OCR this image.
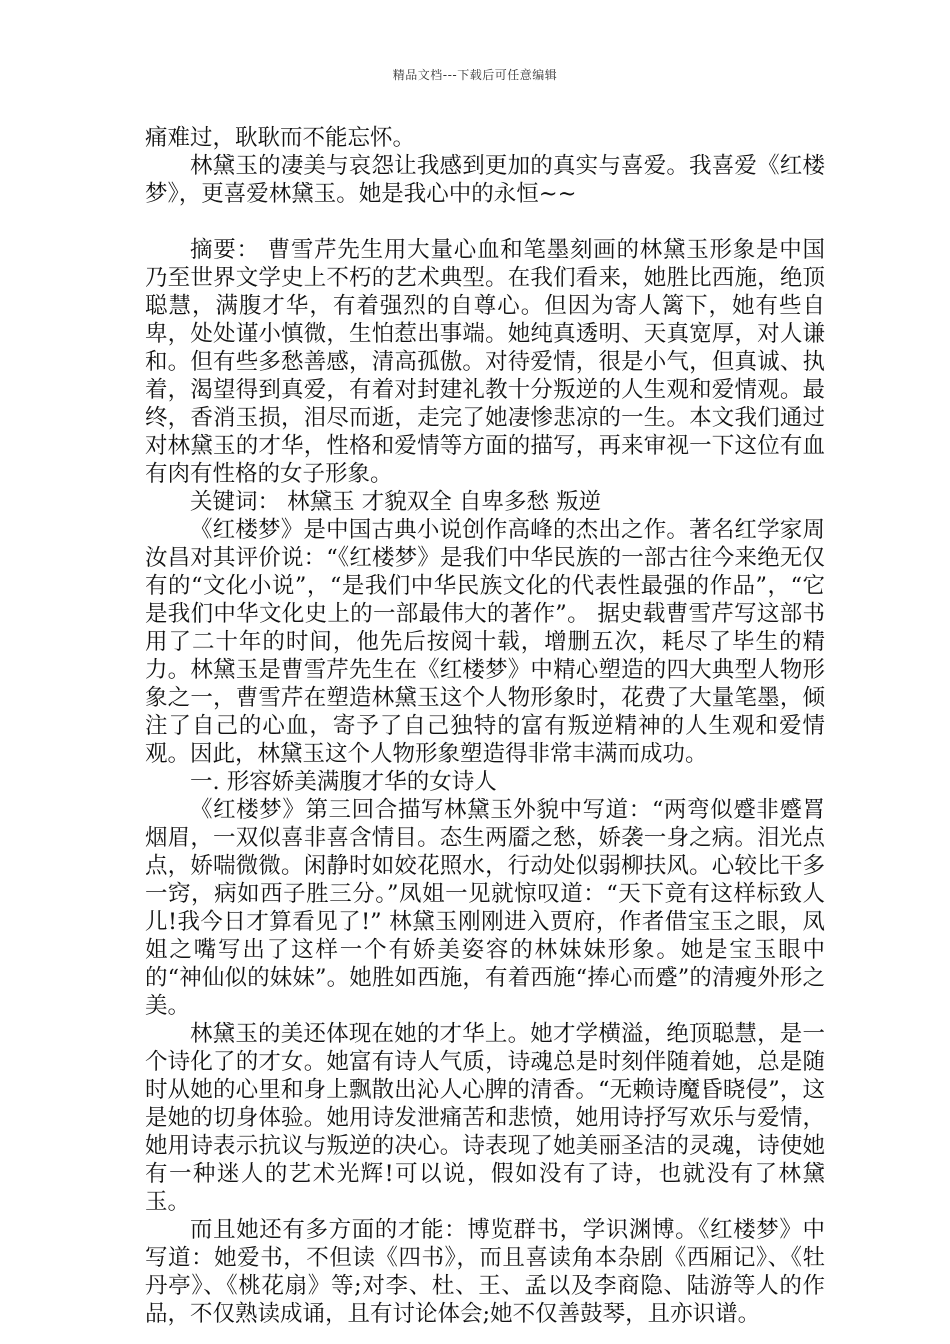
精品文档---下载后可任意编辑

痛难过，耿耿而不能忘怀。

林黛玉的凄美与哀怨让我感到更加的真实与喜爱。我喜爱《红楼梦》，更喜爱林黛玉。她是我心中的永恒~~

摘要： 曹雪芹先生用大量心血和笔墨刻画的林黛玉形象是中国乃至世界文学史上不朽的艺术典型。在我们看来，她胜比西施，绝顶聪慧，满腹才华，有着强烈的自尊心。但因为寄人篱下，她有些自卑，处处谨小慎微，生怕惹出事端。她纯真透明、天真宽厚，对人谦和。但有些多愁善感，清高孤傲。对待爱情，很是小气，但真诚、执着，渴望得到真爱，有着对封建礼教十分叛逆的人生观和爱情观。最终，香消玉损，泪尽而逝，走完了她凄惨悲凉的一生。本文我们通过对林黛玉的才华，性格和爱情等方面的描写，再来审视一下这位有血有肉有性格的女子形象。

关键词： 林黛玉 才貌双全 自卑多愁 叛逆

《红楼梦》是中国古典小说创作高峰的杰出之作。著名红学家周汝昌对其评价说：“《红楼梦》是我们中华民族的一部古往今来绝无仅有的“文化小说”，“是我们中华民族文化的代表性最强的作品”，“它是我们中华文化史上的一部最伟大的著作”。 据史载曹雪芹写这部书用了二十年的时间，他先后按阅十载，增删五次，耗尽了毕生的精力。林黛玉是曹雪芹先生在《红楼梦》中精心塑造的四大典型人物形象之一，曹雪芹在塑造林黛玉这个人物形象时，花费了大量笔墨，倾注了自己的心血，寄予了自己独特的富有叛逆精神的人生观和爱情观。因此，林黛玉这个人物形象塑造得非常丰满而成功。

一. 形容娇美满腹才华的女诗人

《红楼梦》第三回合描写林黛玉外貌中写道：“两弯似蹙非蹙罥烟眉，一双似喜非喜含情目。态生两靥之愁，娇袭一身之病。泪光点点，娇喘微微。闲静时如姣花照水，行动处似弱柳扶风。心较比干多一窍，病如西子胜三分。”凤姐一见就惊叹道：“天下竟有这样标致人儿!我今日才算看见了!” 林黛玉刚刚进入贾府，作者借宝玉之眼，凤姐之嘴写出了这样一个有娇美姿容的林妹妹形象。她是宝玉眼中的“神仙似的妹妹”。她胜如西施，有着西施“捧心而蹙”的清瘦外形之美。

林黛玉的美还体现在她的才华上。她才学横溢，绝顶聪慧，是一个诗化了的才女。她富有诗人气质，诗魂总是时刻伴随着她，总是随时从她的心里和身上飘散出沁人心脾的清香。“无赖诗魔昏晓侵”，这是她的切身体验。她用诗发泄痛苦和悲愤，她用诗抒写欢乐与爱情，她用诗表示抗议与叛逆的决心。诗表现了她美丽圣洁的灵魂，诗使她有一种迷人的艺术光辉!可以说，假如没有了诗，也就没有了林黛玉。

而且她还有多方面的才能：博览群书，学识渊博。《红楼梦》中写道：她爱书，不但读《四书》，而且喜读角本杂剧《西厢记》、《牡丹亭》、《桃花扇》等;对李、杜、王、孟以及李商隐、陆游等人的作品，不仅熟读成诵，且有讨论体会;她不仅善鼓琴，且亦识谱。
